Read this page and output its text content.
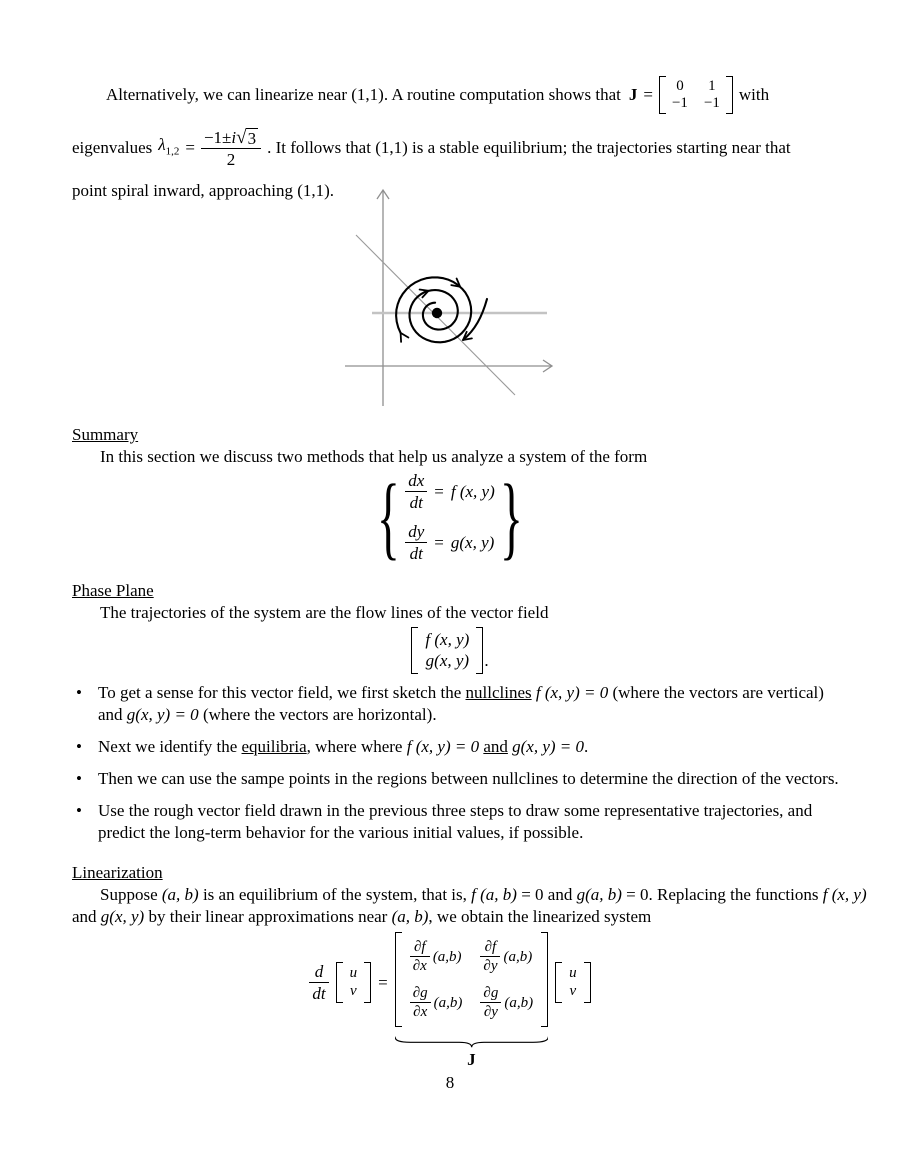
Alternatively, we can linearize near (1,1). A routine computation shows that J = 0 1
−1 −1 with
eigenvalues $\lambda_{1,2} = \frac{-1\pm i √ 3}{2}$ . It follows that (1,1) is a stable equilibrium; the trajectories starting near that
point spiral inward, approaching (1,1).
Summary
In this section we discuss two methods that help us analyze a system of the form
{ $\frac{dx}{dt} = f$ (x, y)
$\frac{dy}{dt} = g(x$, y) }
Phase Plane
The trajectories of the system are the flow lines of the vector field
f (x, y)
g(x, y) .
• To get a sense for this vector field, we first sketch the nullclines f (x, y) = 0 (where the vectors are vertical) and g(x, y) = 0 (where the vectors are horizontal).
• Next we identify the equilibria, where where f (x, y) = 0 and g(x, y) = 0.
• Then we can use the sampe points in the regions between nullclines to determine the direction of the vectors.
• Use the rough vector field drawn in the previous three steps to draw some representative trajectories, and predict the long-term behavior for the various initial values, if possible.
Linearization
Suppose (a, b) is an equilibrium of the system, that is, f (a, b) = 0 and g(a, b) = 0. Replacing the functions f (x, y) and g(x, y) by their linear approximations near (a, b), we obtain the linearized system
$\frac{d}{dt}$ u
v =
$\frac{\partial f}{\partial x} (a,b) \frac{\partial f}{\partial y} (a,b)$
$\frac{\partial g}{\partial x} (a,b) \frac{\partial g}{\partial y} (a,b)$
J
u
v
8
